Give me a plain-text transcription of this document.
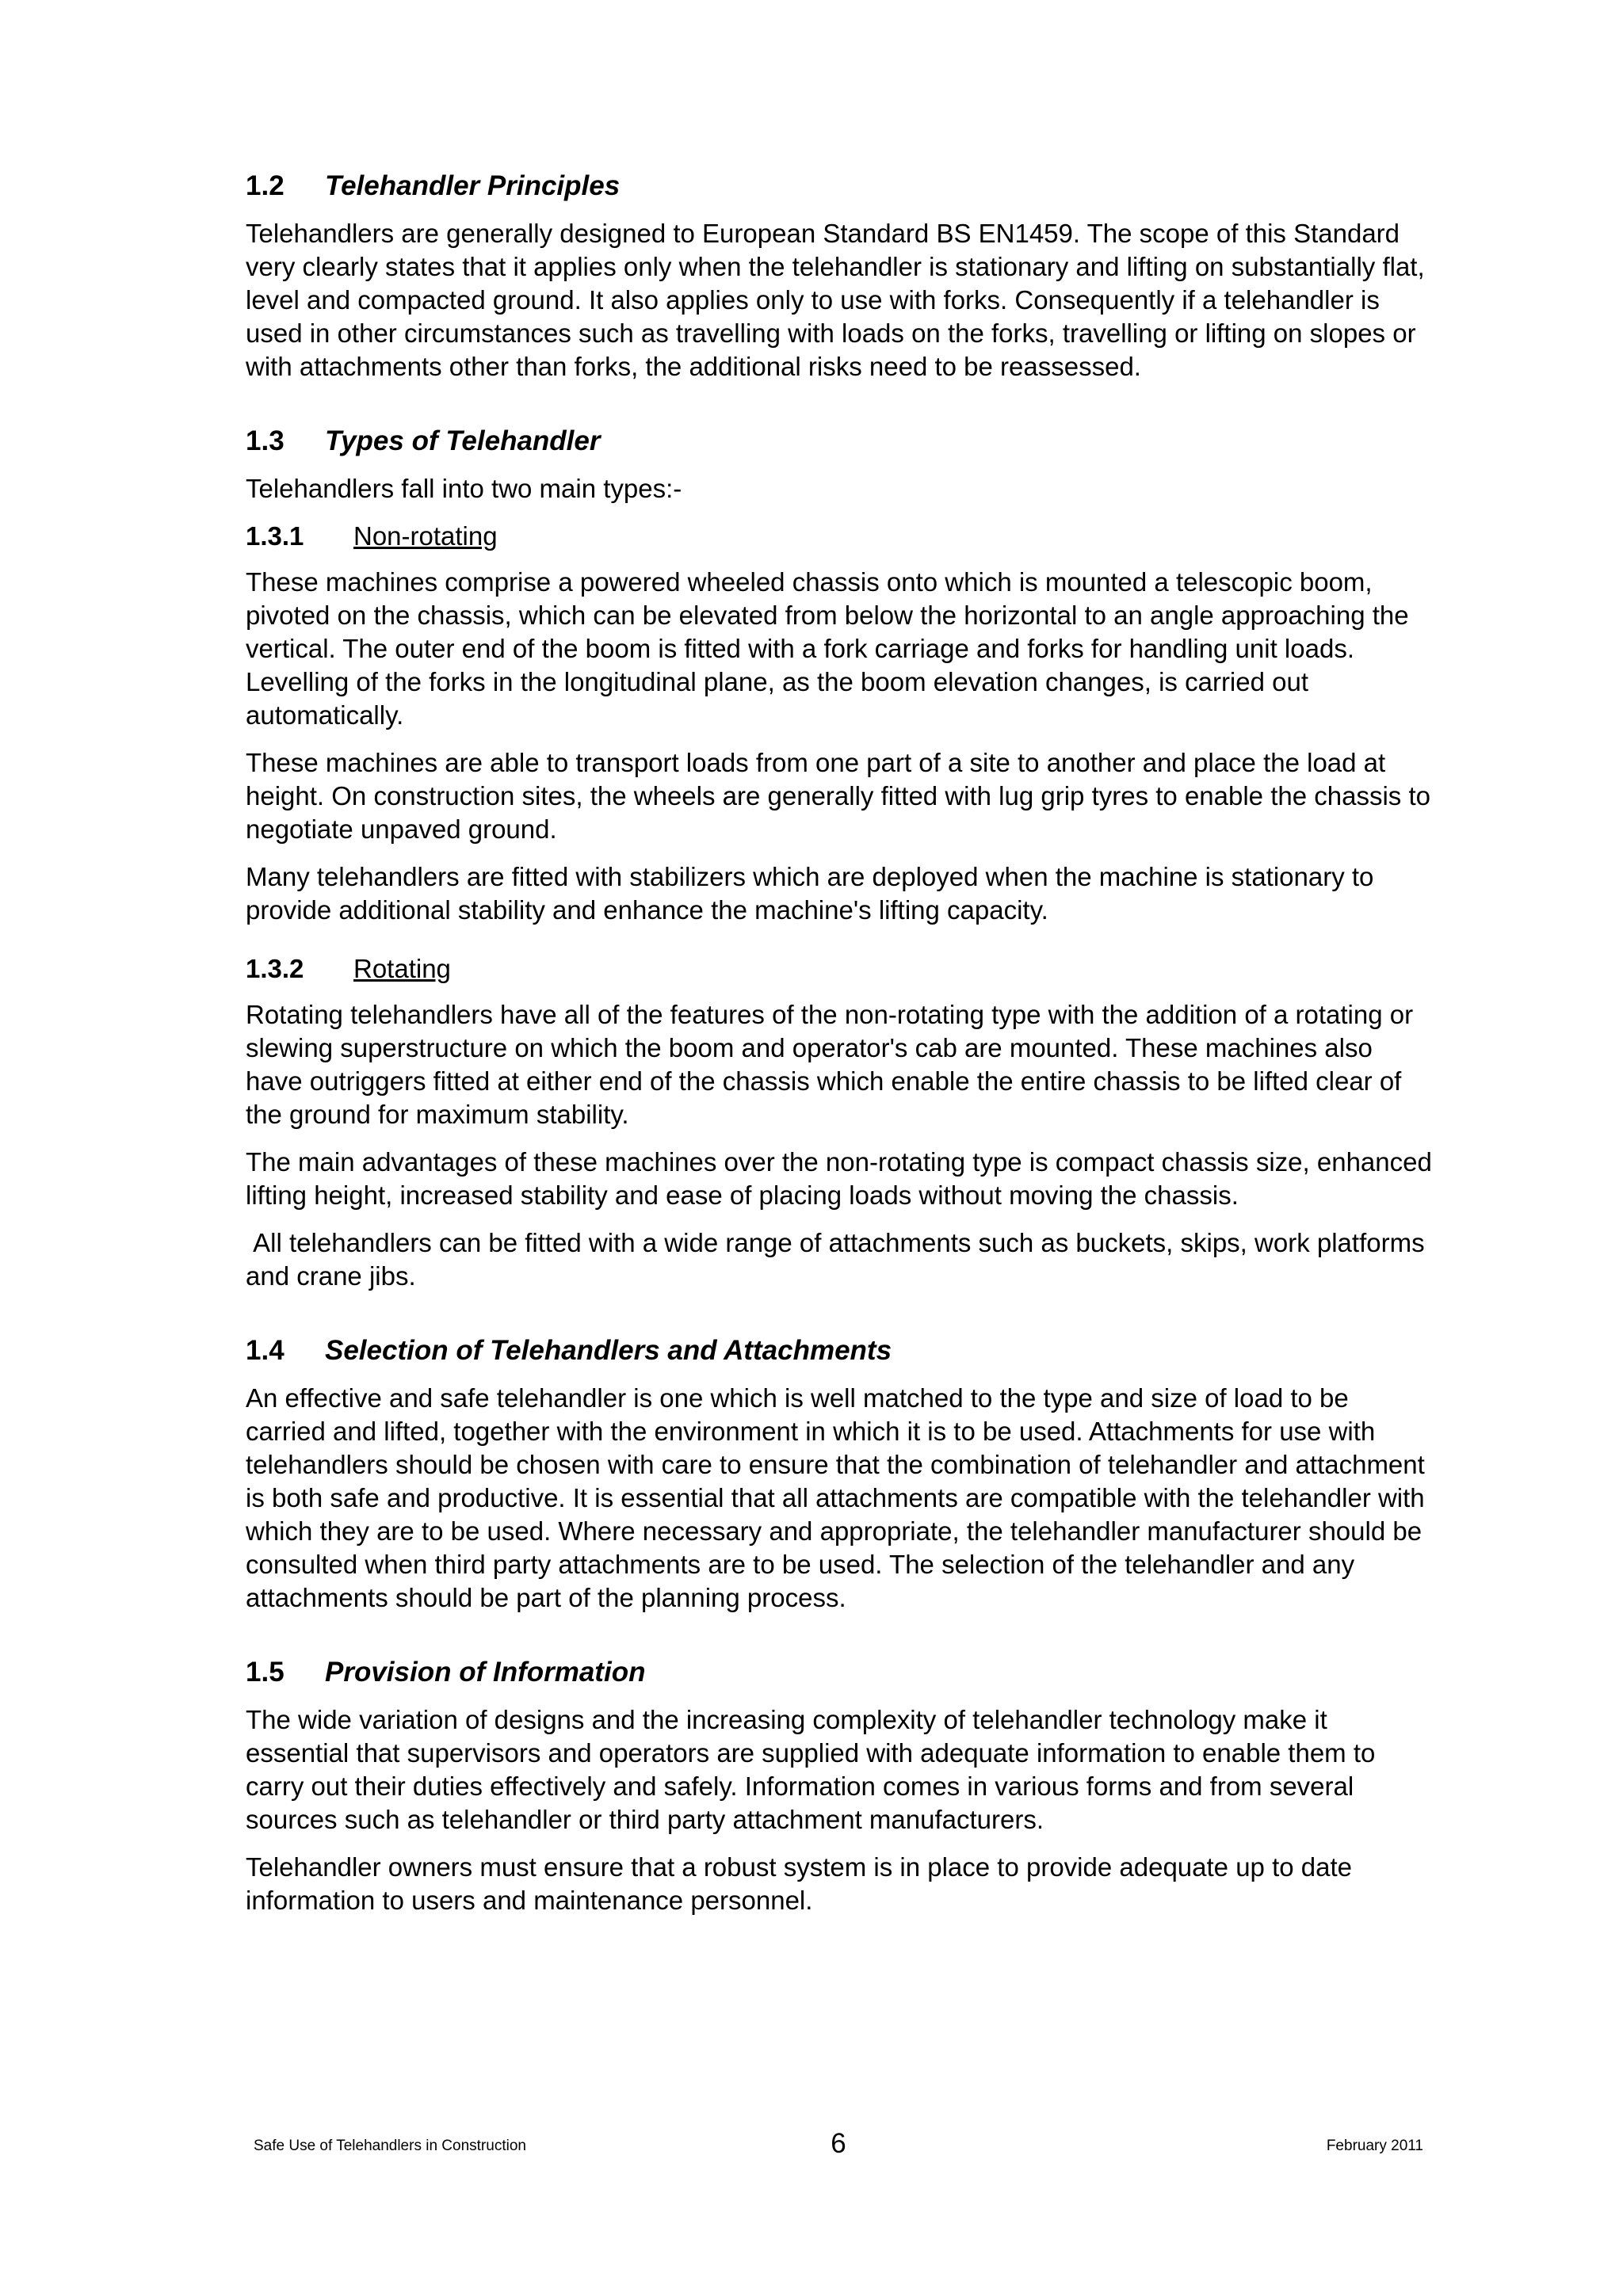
1.2 Telehandler Principles

Telehandlers are generally designed to European Standard BS EN1459. The scope of this Standard very clearly states that it applies only when the telehandler is stationary and lifting on substantially flat, level and compacted ground. It also applies only to use with forks. Consequently if a telehandler is used in other circumstances such as travelling with loads on the forks, travelling or lifting on slopes or with attachments other than forks, the additional risks need to be reassessed.

1.3 Types of Telehandler

Telehandlers fall into two main types:-

1.3.1 Non-rotating

These machines comprise a powered wheeled chassis onto which is mounted a telescopic boom, pivoted on the chassis, which can be elevated from below the horizontal to an angle approaching the vertical. The outer end of the boom is fitted with a fork carriage and forks for handling unit loads. Levelling of the forks in the longitudinal plane, as the boom elevation changes, is carried out automatically.

These machines are able to transport loads from one part of a site to another and place the load at height. On construction sites, the wheels are generally fitted with lug grip tyres to enable the chassis to negotiate unpaved ground.

Many telehandlers are fitted with stabilizers which are deployed when the machine is stationary to provide additional stability and enhance the machine's lifting capacity.

1.3.2 Rotating

Rotating telehandlers have all of the features of the non-rotating type with the addition of a rotating or slewing superstructure on which the boom and operator's cab are mounted. These machines also have outriggers fitted at either end of the chassis which enable the entire chassis to be lifted clear of the ground for maximum stability.

The main advantages of these machines over the non-rotating type is compact chassis size, enhanced lifting height, increased stability and ease of placing loads without moving the chassis.

All telehandlers can be fitted with a wide range of attachments such as buckets, skips, work platforms and crane jibs.

1.4 Selection of Telehandlers and Attachments

An effective and safe telehandler is one which is well matched to the type and size of load to be carried and lifted, together with the environment in which it is to be used. Attachments for use with telehandlers should be chosen with care to ensure that the combination of telehandler and attachment is both safe and productive. It is essential that all attachments are compatible with the telehandler with which they are to be used. Where necessary and appropriate, the telehandler manufacturer should be consulted when third party attachments are to be used. The selection of the telehandler and any attachments should be part of the planning process.

1.5 Provision of Information

The wide variation of designs and the increasing complexity of telehandler technology make it essential that supervisors and operators are supplied with adequate information to enable them to carry out their duties effectively and safely. Information comes in various forms and from several sources such as telehandler or third party attachment manufacturers.

Telehandler owners must ensure that a robust system is in place to provide adequate up to date information to users and maintenance personnel.

Safe Use of Telehandlers in Construction	6	February 2011
